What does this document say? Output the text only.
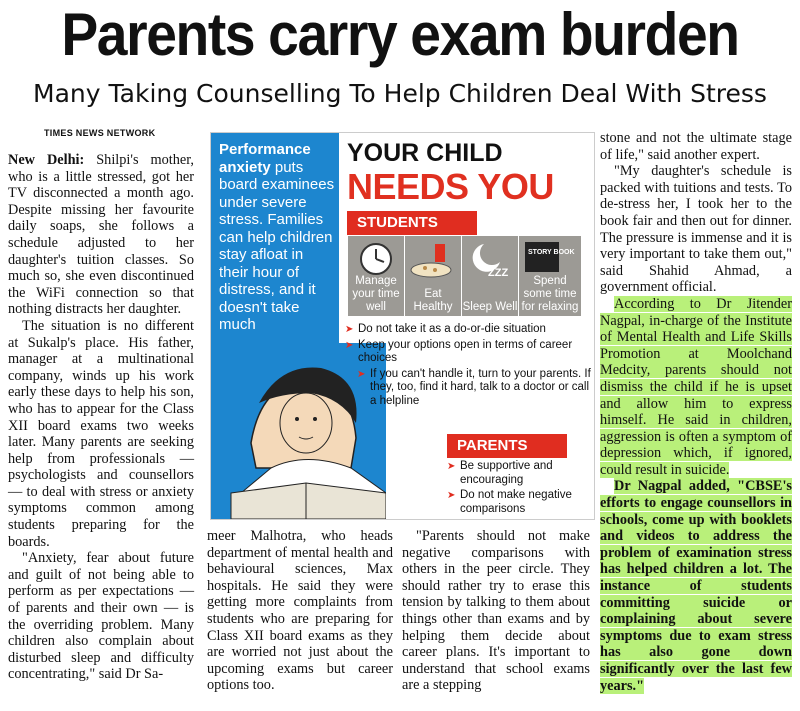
Parents carry exam burden
Many Taking Counselling To Help Children Deal With Stress
TIMES NEWS NETWORK

New Delhi: Shilpi's mother, who is a little stressed, got her TV disconnected a month ago. Despite missing her favourite daily soaps, she follows a schedule adjusted to her daughter's tuition classes. So much so, she even discontinued the WiFi connection so that nothing distracts her daughter.

The situation is no different at Sukalp's place. His father, manager at a multinational company, winds up his work early these days to help his son, who has to appear for the Class XII board exams two weeks later. Many parents are seeking help from professionals — psychologists and counsellors — to deal with stress or anxiety symptoms common among students preparing for the boards.

"Anxiety, fear about future and guilt of not being able to perform as per expectations — of parents and their own — is the overriding problem. Many children also complain about disturbed sleep and difficulty concentrating," said Dr Sa-

Performance anxiety puts board examinees under severe stress. Families can help children stay afloat in their hour of distress, and it doesn't take much
YOUR CHILD
NEEDS YOU
STUDENTS
Manage your time well
Eat Healthy
ZZZ
Sleep Well
STORY BOOK
Spend some time for relaxing
➤ Do not take it as a do-or-die situation
➤ Keep your options open in terms of career choices
➤ If you can't handle it, turn to your parents. If they, too, find it hard, talk to a doctor or call a helpline
PARENTS
➤ Be supportive and encouraging
➤ Do not make negative comparisons

meer Malhotra, who heads department of mental health and behavioural sciences, Max hospitals. He said they were getting more complaints from students who are preparing for Class XII board exams as they are worried not just about the upcoming exams but career options too.

"Parents should not make negative comparisons with others in the peer circle. They should rather try to erase this tension by talking to them about things other than exams and by helping them decide about career plans. It's important to understand that school exams are a stepping

stone and not the ultimate stage of life," said another expert.

"My daughter's schedule is packed with tuitions and tests. To de-stress her, I took her to the book fair and then out for dinner. The pressure is immense and it is very important to take them out," said Shahid Ahmad, a government official.

According to Dr Jitender Nagpal, in-charge of the Institute of Mental Health and Life Skills Promotion at Moolchand Medcity, parents should not dismiss the child if he is upset and allow him to express himself. He said in children, aggression is often a symptom of depression which, if ignored, could result in suicide.

Dr Nagpal added, "CBSE's efforts to engage counsellors in schools, come up with booklets and videos to address the problem of examination stress has helped children a lot. The instance of students committing suicide or complaining about severe symptoms due to exam stress has also gone down significantly over the last few years."
